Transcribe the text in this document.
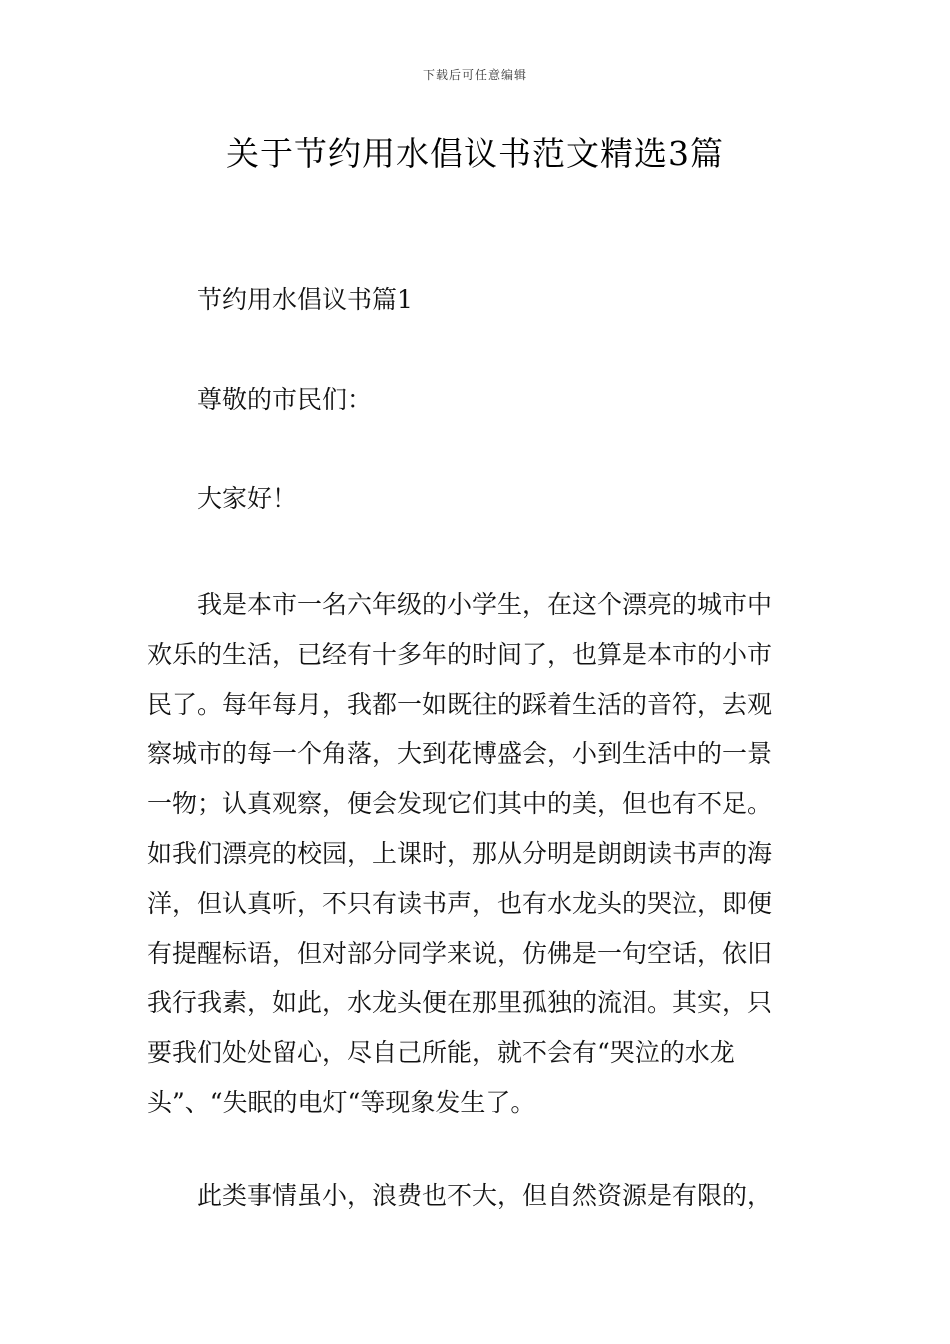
下载后可任意编辑
关于节约用水倡议书范文精选3篇

节约用水倡议书篇1

尊敬的市民们：

大家好！

我是本市一名六年级的小学生，在这个漂亮的城市中
欢乐的生活，已经有十多年的时间了，也算是本市的小市
民了。每年每月，我都一如既往的踩着生活的音符，去观
察城市的每一个角落，大到花博盛会，小到生活中的一景
一物；认真观察，便会发现它们其中的美，但也有不足。
如我们漂亮的校园，上课时，那从分明是朗朗读书声的海
洋，但认真听，不只有读书声，也有水龙头的哭泣，即便
有提醒标语，但对部分同学来说，仿佛是一句空话，依旧
我行我素，如此，水龙头便在那里孤独的流泪。其实，只
要我们处处留心，尽自己所能，就不会有“哭泣的水龙
头”、“失眠的电灯“等现象发生了。

此类事情虽小，浪费也不大，但自然资源是有限的，
